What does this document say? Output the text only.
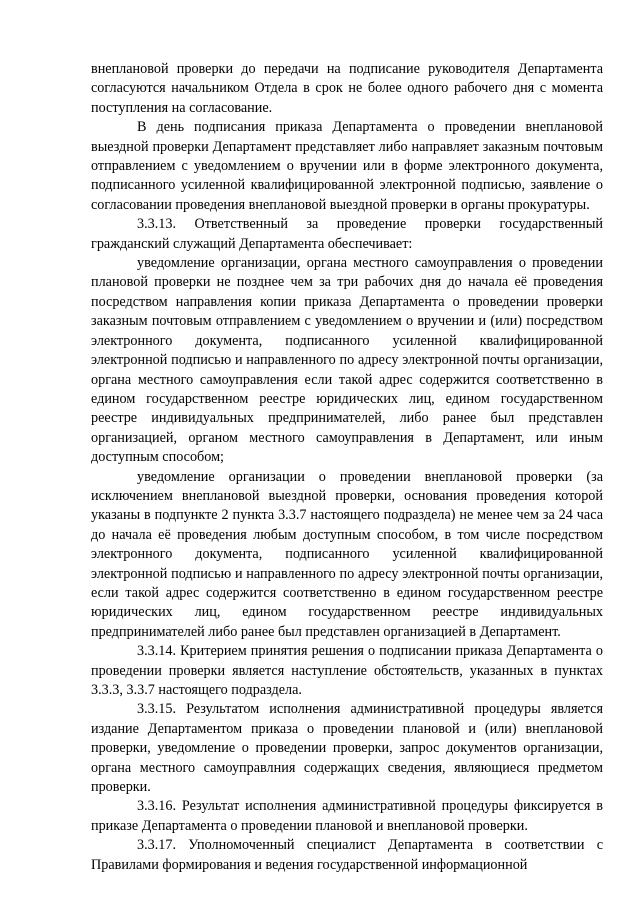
внеплановой проверки до передачи на подписание руководителя Департамента согласуются начальником Отдела в срок не более одного рабочего дня с момента поступления на согласование.

В день подписания приказа Департамента о проведении внеплановой выездной проверки Департамент представляет либо направляет заказным почтовым отправлением с уведомлением о вручении или в форме электронного документа, подписанного усиленной квалифицированной электронной подписью, заявление о согласовании проведения внеплановой выездной проверки в органы прокуратуры.

3.3.13. Ответственный за проведение проверки государственный гражданский служащий Департамента обеспечивает:

уведомление организации, органа местного самоуправления о проведении плановой проверки не позднее чем за три рабочих дня до начала её проведения посредством направления копии приказа Департамента о проведении проверки заказным почтовым отправлением с уведомлением о вручении и (или) посредством электронного документа, подписанного усиленной квалифицированной электронной подписью и направленного по адресу электронной почты организации, органа местного самоуправления если такой адрес содержится соответственно в едином государственном реестре юридических лиц, едином государственном реестре индивидуальных предпринимателей, либо ранее был представлен организацией, органом местного самоуправления в Департамент, или иным доступным способом;

уведомление организации о проведении внеплановой проверки (за исключением внеплановой выездной проверки, основания проведения которой указаны в подпункте 2 пункта 3.3.7 настоящего подраздела) не менее чем за 24 часа до начала её проведения любым доступным способом, в том числе посредством электронного документа, подписанного усиленной квалифицированной электронной подписью и направленного по адресу электронной почты организации, если такой адрес содержится соответственно в едином государственном реестре юридических лиц, едином государственном реестре индивидуальных предпринимателей либо ранее был представлен организацией в Департамент.

3.3.14. Критерием принятия решения о подписании приказа Департамента о проведении проверки является наступление обстоятельств, указанных в пунктах 3.3.3, 3.3.7 настоящего подраздела.

3.3.15. Результатом исполнения административной процедуры является издание Департаментом приказа о проведении плановой и (или) внеплановой проверки, уведомление о проведении проверки, запрос документов организации, органа местного самоуправлния содержащих сведения, являющиеся предметом проверки.

3.3.16. Результат исполнения административной процедуры фиксируется в приказе Департамента о проведении плановой и внеплановой проверки.

3.3.17. Уполномоченный специалист Департамента в соответствии с Правилами формирования и ведения государственной информационной
